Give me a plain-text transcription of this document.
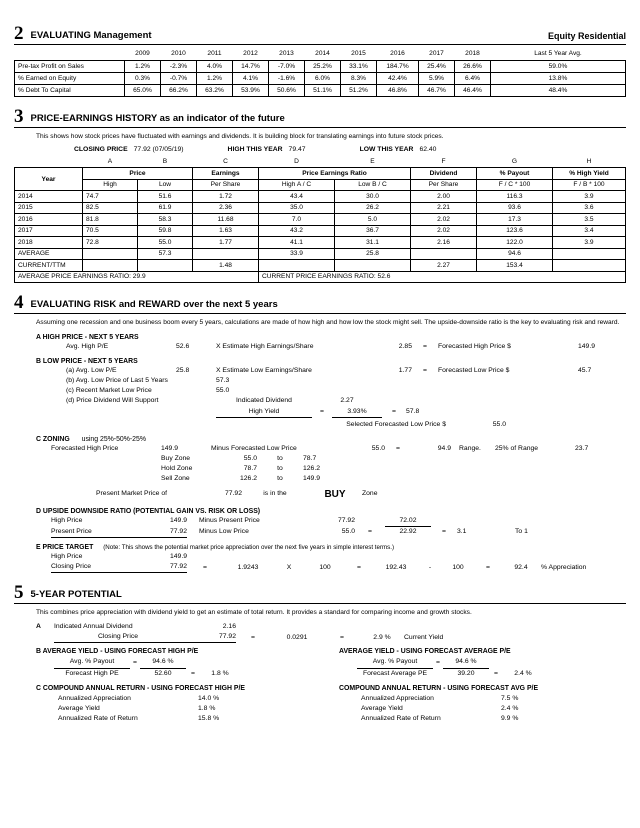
2 EVALUATING Management	Equity Residential
	2009	2010	2011	2012	2013	2014	2015	2016	2017	2018	Last 5 Year Avg.
Pre-tax Profit on Sales	1.2%	-2.3%	4.0%	14.7%	-7.0%	25.2%	33.1%	184.7%	25.4%	26.6%	59.0%
% Earned on Equity	0.3%	-0.7%	1.2%	4.1%	-1.6%	6.0%	8.3%	42.4%	5.9%	6.4%	13.8%
% Debt To Capital	65.0%	66.2%	63.2%	53.9%	50.6%	51.1%	51.2%	46.8%	46.7%	46.4%	48.4%
3 PRICE-EARNINGS HISTORY as an indicator of the future
This shows how stock prices have fluctuated with earnings and dividends. It is building block for translating earnings into future stock prices.
CLOSING PRICE 77.92 (07/05/19)	HIGH THIS YEAR 79.47	LOW THIS YEAR 62.40
	A	B	C	D	E	F	G	H
Year	Price		Earnings	Price Earnings Ratio		Dividend	% Payout	% High Yield
	High	Low	Per Share	High A / C	Low B / C	Per Share	F / C * 100	F / B * 100
2014	74.7	51.6	1.72	43.4	30.0	2.00	116.3	3.9
2015	82.5	61.9	2.36	35.0	26.2	2.21	93.6	3.6
2016	81.8	58.3	11.68	7.0	5.0	2.02	17.3	3.5
2017	70.5	59.8	1.63	43.2	36.7	2.02	123.6	3.4
2018	72.8	55.0	1.77	41.1	31.1	2.16	122.0	3.9
AVERAGE		57.3		33.9	25.8		94.6	
CURRENT/TTM			1.48			2.27	153.4	
AVERAGE PRICE EARNINGS RATIO: 29.9				CURRENT PRICE EARNINGS RATIO: 52.6				
4 EVALUATING RISK and REWARD over the next 5 years
Assuming one recession and one business boom every 5 years, calculations are made of how high and how low the stock might sell. The upside-downside ratio is the key to evaluating risk and reward.
A HIGH PRICE - NEXT 5 YEARS
Avg. High P/E	52.6	X Estimate High Earnings/Share	2.85	=	Forecasted High Price $	149.9
B LOW PRICE - NEXT 5 YEARS
(a) Avg. Low P/E	25.8	X Estimate Low Earnings/Share	1.77	=	Forecasted Low Price $	45.7
(b) Avg. Low Price of Last 5 Years	57.3
(c) Recent Market Low Price	55.0
(d) Price Dividend Will Support	Indicated Dividend	2.27
High Yield	=	3.93%	=	57.8
Selected Forecasted Low Price $	55.0
C ZONING using 25%-50%-25%
Forecasted High Price	149.9	Minus Forecasted Low Price	55.0	=	94.9 Range.	25% of Range	23.7
Buy Zone	55.0	to	78.7
Hold Zone	78.7	to	126.2
Sell Zone	126.2	to	149.9
Present Market Price of	77.92	is in the	BUY	Zone
D UPSIDE DOWNSIDE RATIO (POTENTIAL GAIN VS. RISK OR LOSS)
High Price	149.9 Minus Present Price	77.92	72.02
Present Price	77.92 Minus Low Price	55.0	=	22.92	=	3.1	To 1
E PRICE TARGET (Note: This shows the potential market price appreciation over the next five years in simple interest terms.)
High Price	149.9
Closing Price	77.92	=	1.9243	X	100	=	192.43	-	100	=	92.4	% Appreciation
5 5-YEAR POTENTIAL
This combines price appreciation with dividend yield to get an estimate of total return. It provides a standard for comparing income and growth stocks.
A	Indicated Annual Dividend	2.16
Closing Price	77.92	=	0.0291	=	2.9 %	Current Yield
B AVERAGE YIELD - USING FORECAST HIGH P/E
Avg. % Payout	=	94.6 %
Forecast High PE	52.60	=	1.8 %
AVERAGE YIELD - USING FORECAST AVERAGE P/E
Avg. % Payout	=	94.6 %
Forecast Average PE	39.20	=	2.4 %
C COMPOUND ANNUAL RETURN - USING FORECAST HIGH P/E
Annualized Appreciation	14.0 %
Average Yield	1.8 %
Annualized Rate of Return	15.8 %
COMPOUND ANNUAL RETURN - USING FORECAST AVG P/E
Annualized Appreciation	7.5 %
Average Yield	2.4 %
Annualized Rate of Return	9.9 %
